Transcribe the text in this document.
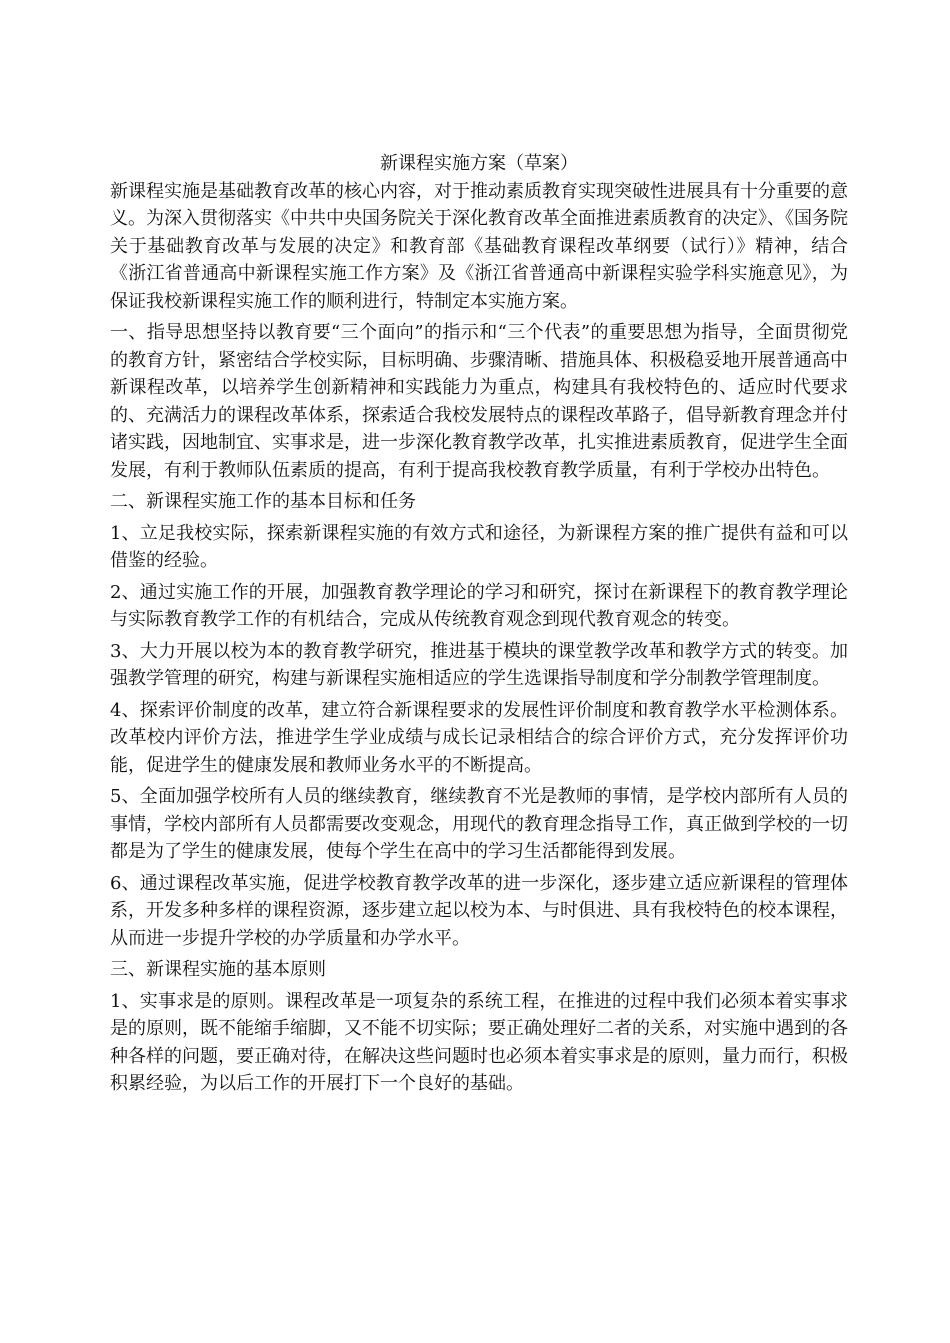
新课程实施方案（草案）

新课程实施是基础教育改革的核心内容，对于推动素质教育实现突破性进展具有十分重要的意义。为深入贯彻落实《中共中央国务院关于深化教育改革全面推进素质教育的决定》、《国务院关于基础教育改革与发展的决定》和教育部《基础教育课程改革纲要（试行）》精神，结合《浙江省普通高中新课程实施工作方案》及《浙江省普通高中新课程实验学科实施意见》，为保证我校新课程实施工作的顺利进行，特制定本实施方案。

一、指导思想坚持以教育要“三个面向”的指示和“三个代表”的重要思想为指导，全面贯彻党的教育方针，紧密结合学校实际，目标明确、步骤清晰、措施具体、积极稳妥地开展普通高中新课程改革，以培养学生创新精神和实践能力为重点，构建具有我校特色的、适应时代要求的、充满活力的课程改革体系，探索适合我校发展特点的课程改革路子，倡导新教育理念并付诸实践，因地制宜、实事求是，进一步深化教育教学改革，扎实推进素质教育，促进学生全面发展，有利于教师队伍素质的提高，有利于提高我校教育教学质量，有利于学校办出特色。

二、新课程实施工作的基本目标和任务

1、立足我校实际，探索新课程实施的有效方式和途径，为新课程方案的推广提供有益和可以借鉴的经验。

2、通过实施工作的开展，加强教育教学理论的学习和研究，探讨在新课程下的教育教学理论与实际教育教学工作的有机结合，完成从传统教育观念到现代教育观念的转变。

3、大力开展以校为本的教育教学研究，推进基于模块的课堂教学改革和教学方式的转变。加强教学管理的研究，构建与新课程实施相适应的学生选课指导制度和学分制教学管理制度。

4、探索评价制度的改革，建立符合新课程要求的发展性评价制度和教育教学水平检测体系。改革校内评价方法，推进学生学业成绩与成长记录相结合的综合评价方式，充分发挥评价功能，促进学生的健康发展和教师业务水平的不断提高。

5、全面加强学校所有人员的继续教育，继续教育不光是教师的事情，是学校内部所有人员的事情，学校内部所有人员都需要改变观念，用现代的教育理念指导工作，真正做到学校的一切都是为了学生的健康发展，使每个学生在高中的学习生活都能得到发展。

6、通过课程改革实施，促进学校教育教学改革的进一步深化，逐步建立适应新课程的管理体系，开发多种多样的课程资源，逐步建立起以校为本、与时俱进、具有我校特色的校本课程，从而进一步提升学校的办学质量和办学水平。

三、新课程实施的基本原则

1、实事求是的原则。课程改革是一项复杂的系统工程，在推进的过程中我们必须本着实事求是的原则，既不能缩手缩脚，又不能不切实际；要正确处理好二者的关系，对实施中遇到的各种各样的问题，要正确对待，在解决这些问题时也必须本着实事求是的原则，量力而行，积极积累经验，为以后工作的开展打下一个良好的基础。
